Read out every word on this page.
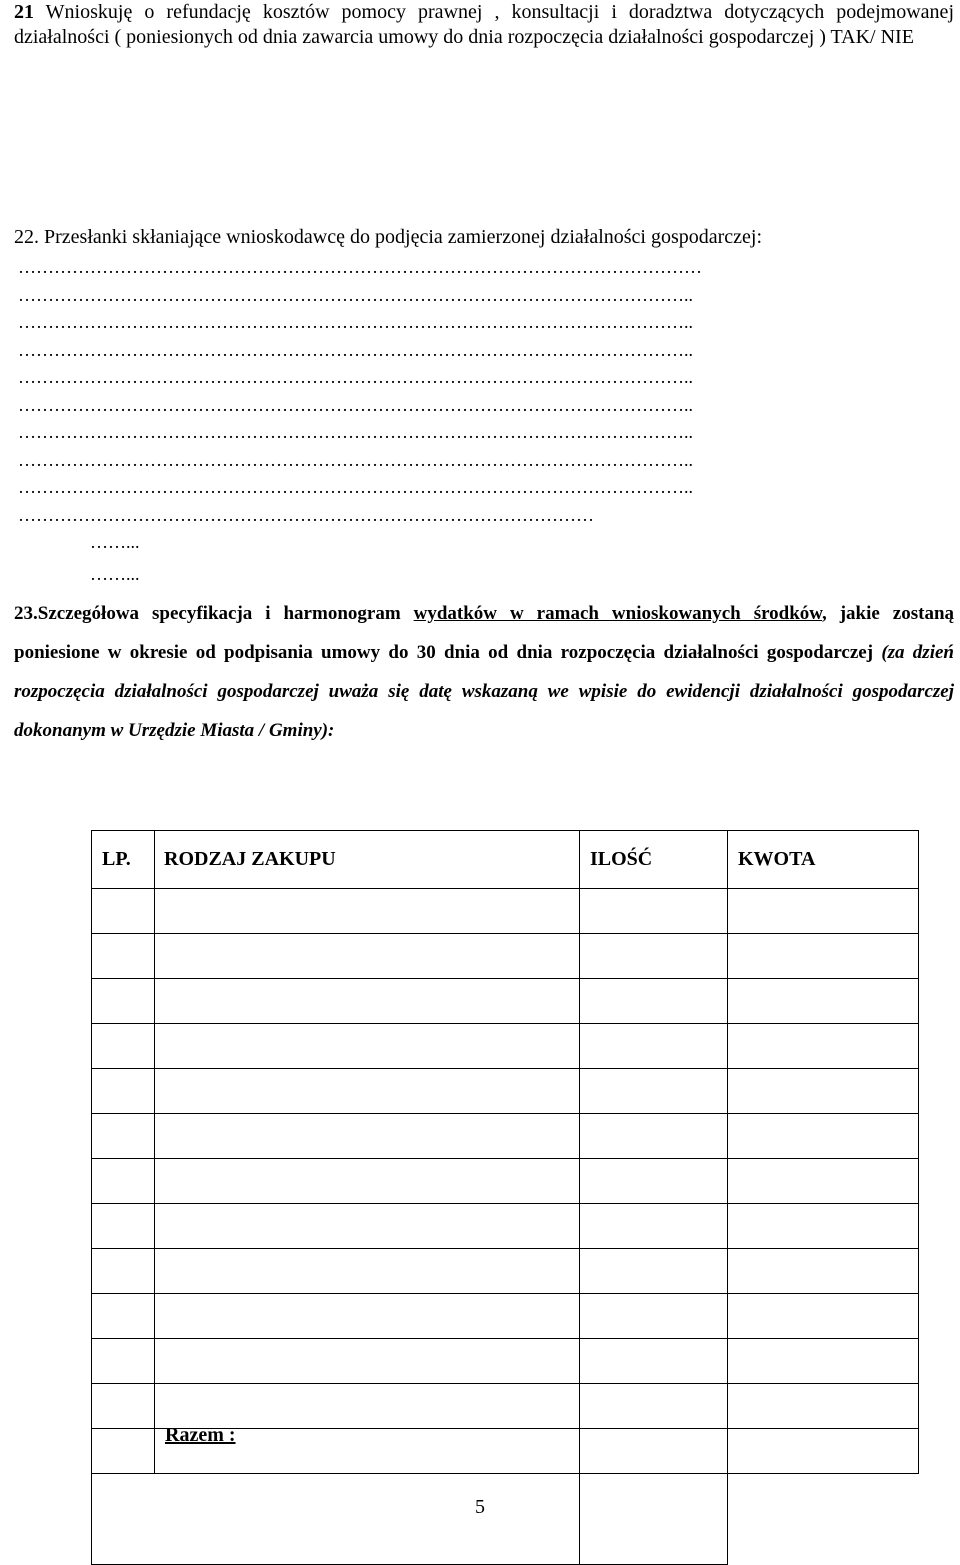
21 Wnioskuję o refundację kosztów pomocy prawnej , konsultacji i doradztwa dotyczących podejmowanej działalności ( poniesionych od dnia zawarcia umowy do dnia rozpoczęcia działalności gospodarczej ) TAK/ NIE
22. Przesłanki skłaniające wnioskodawcę do podjęcia zamierzonej działalności gospodarczej:
……………………………………………………………………………………………………
…………………………………………………………………………………………………..
…………………………………………………………………………………………………..
…………………………………………………………………………………………………..
…………………………………………………………………………………………………..
…………………………………………………………………………………………………..
…………………………………………………………………………………………………..
…………………………………………………………………………………………………..
…………………………………………………………………………………………………..
……………………………………………………………………………………
……...
……...
23.Szczegółowa specyfikacja i harmonogram wydatków w ramach wnioskowanych środków, jakie zostaną poniesione w okresie od podpisania umowy do 30 dnia od dnia rozpoczęcia działalności gospodarczej (za dzień rozpoczęcia działalności gospodarczej uważa się datę wskazaną we wpisie do ewidencji działalności gospodarczej dokonanym w Urzędzie Miasta / Gminy):
LP.	RODZAJ ZAKUPU	ILOŚĆ	KWOTA

Razem :
5
